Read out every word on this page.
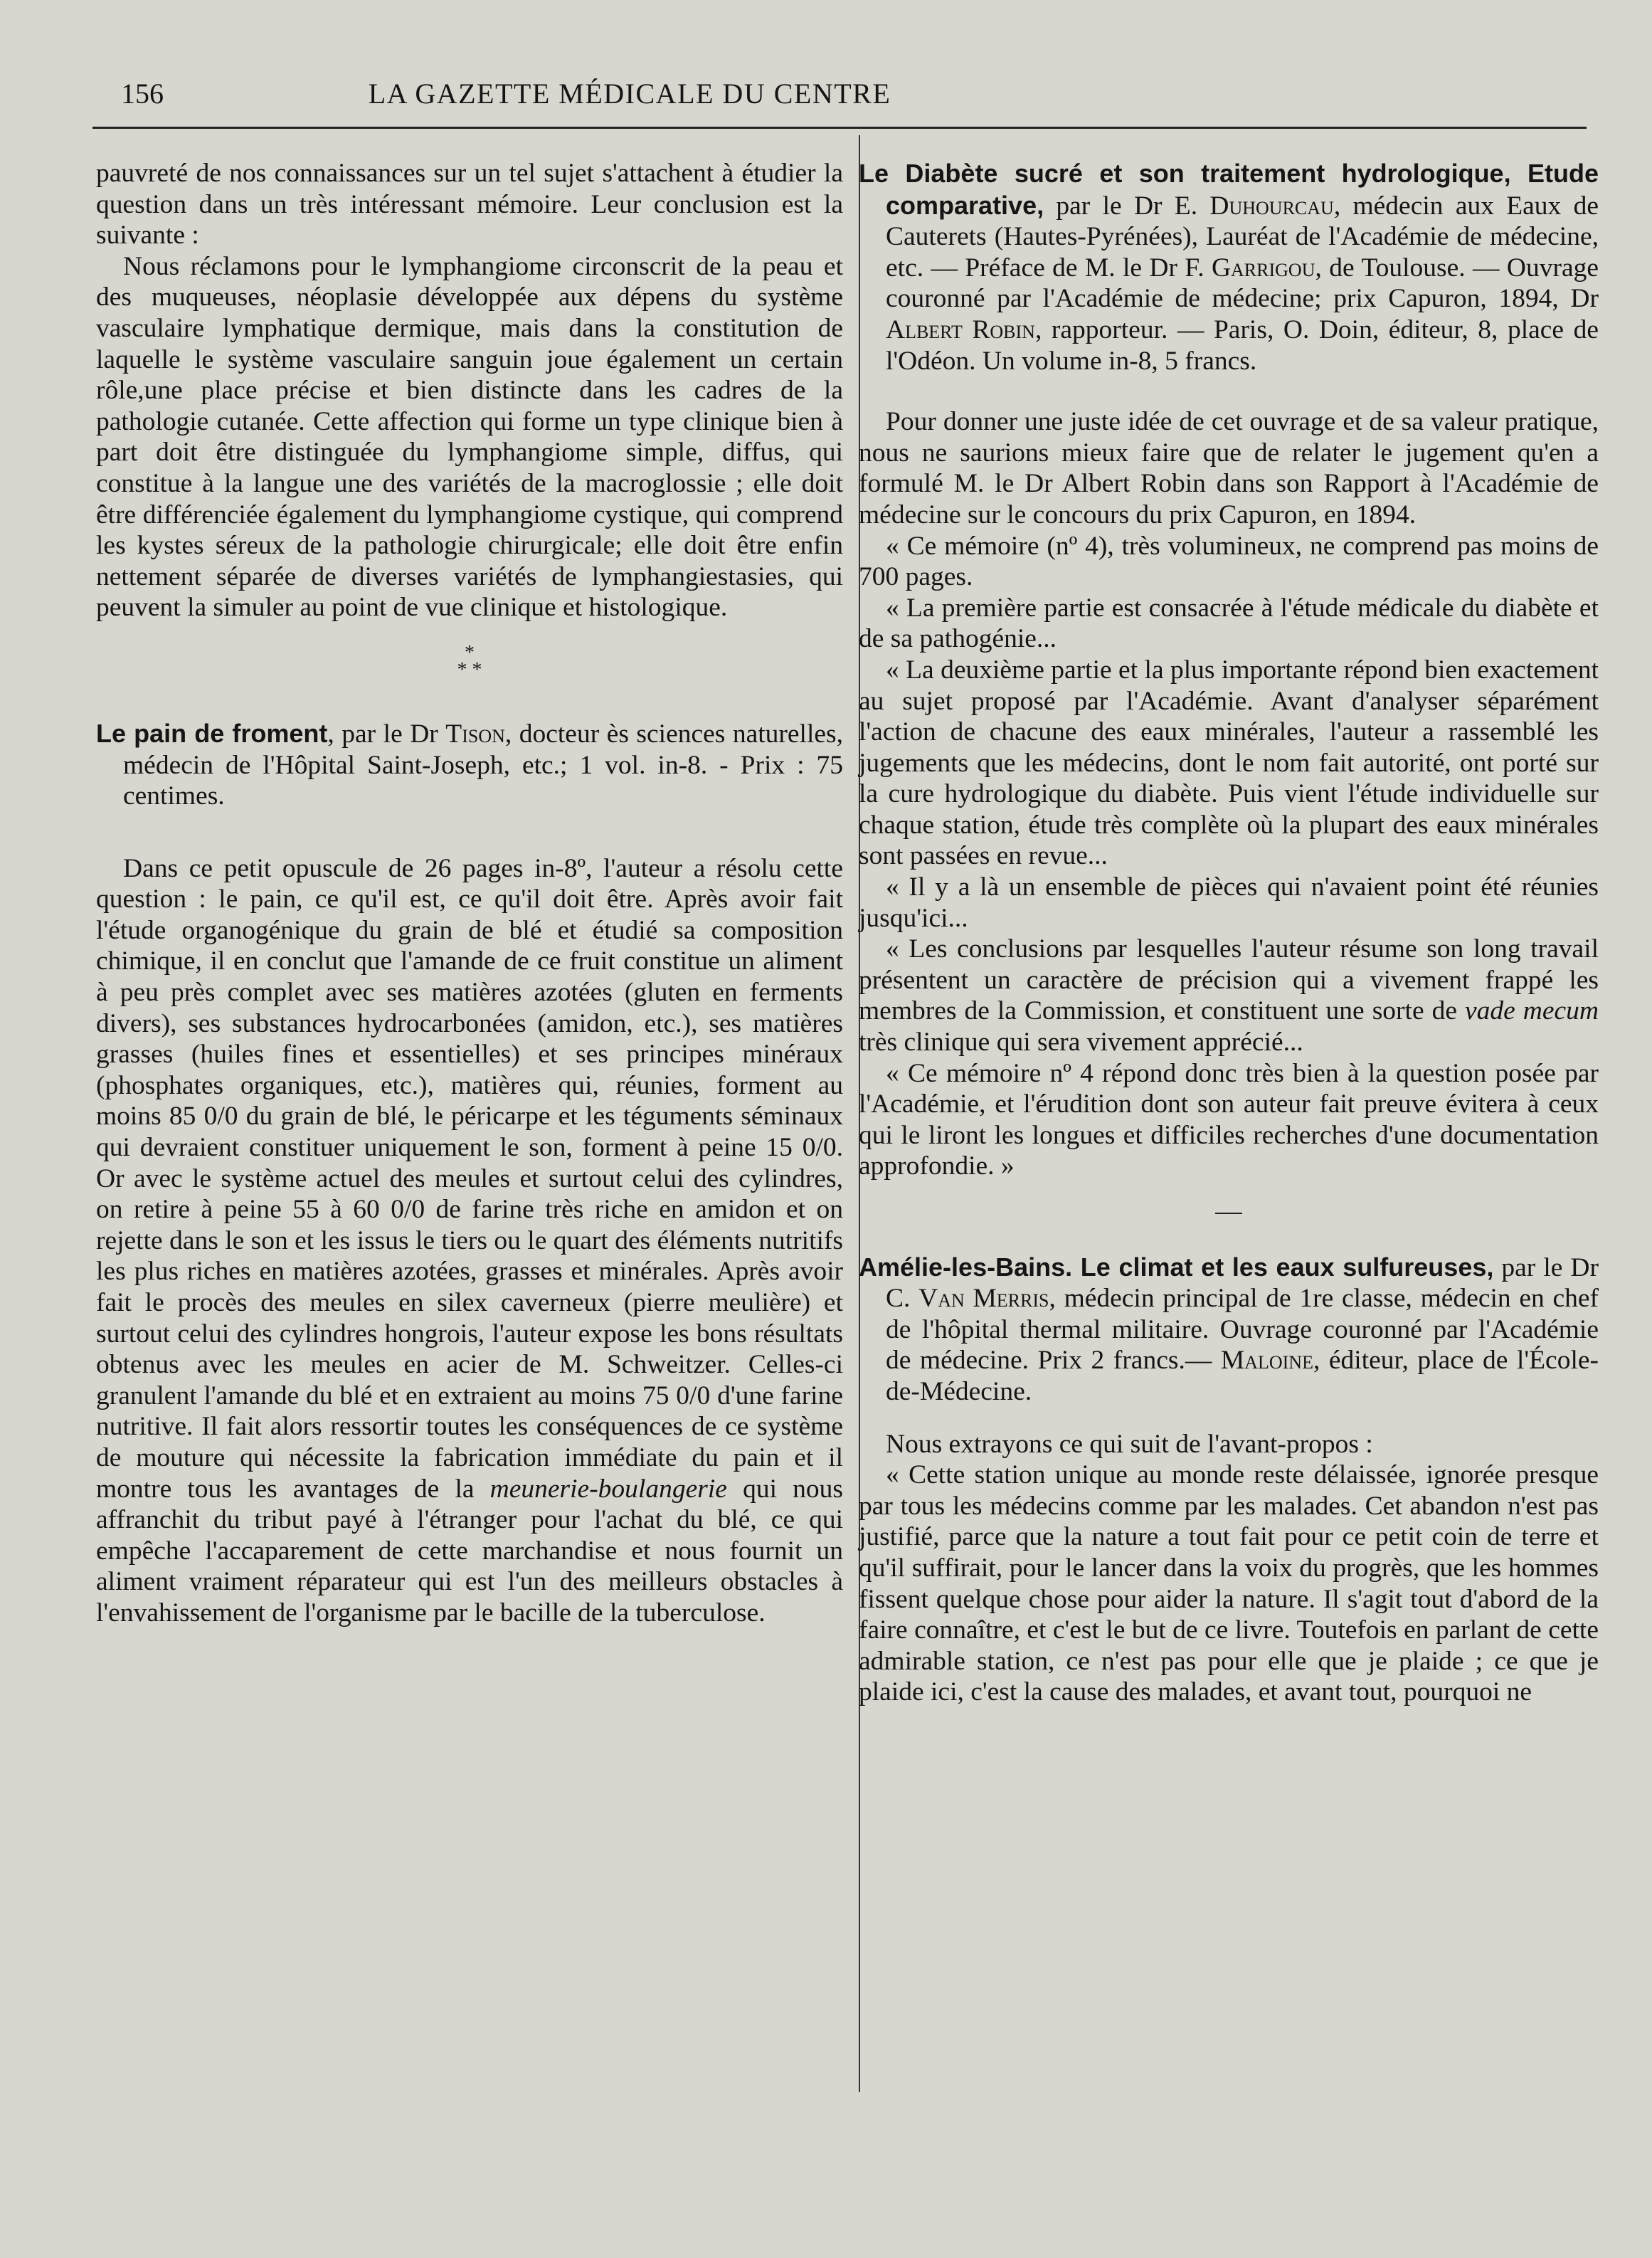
156	LA GAZETTE MÉDICALE DU CENTRE

pauvreté de nos connaissances sur un tel sujet s'attachent à étudier la question dans un très intéressant mémoire. Leur conclusion est la suivante :

Nous réclamons pour le lymphangiome circonscrit de la peau et des muqueuses, néoplasie développée aux dépens du système vasculaire lymphatique dermique, mais dans la constitution de laquelle le système vasculaire sanguin joue également un certain rôle,une place précise et bien distincte dans les cadres de la pathologie cutanée. Cette affection qui forme un type clinique bien à part doit être distinguée du lymphangiome simple, diffus, qui constitue à la langue une des variétés de la macroglossie ; elle doit être différenciée également du lymphangiome cystique, qui comprend les kystes séreux de la pathologie chirurgicale; elle doit être enfin nettement séparée de diverses variétés de lymphangiestasies, qui peuvent la simuler au point de vue clinique et histologique.

*
* *

Le pain de froment, par le Dr Tison, docteur ès sciences naturelles, médecin de l'Hôpital Saint-Joseph, etc.; 1 vol. in-8. - Prix : 75 centimes.

Dans ce petit opuscule de 26 pages in-8º, l'auteur a résolu cette question : le pain, ce qu'il est, ce qu'il doit être. Après avoir fait l'étude organogénique du grain de blé et étudié sa composition chimique, il en conclut que l'amande de ce fruit constitue un aliment à peu près complet avec ses matières azotées (gluten en ferments divers), ses substances hydrocarbonées (amidon, etc.), ses matières grasses (huiles fines et essentielles) et ses principes minéraux (phosphates organiques, etc.), matières qui, réunies, forment au moins 85 0/0 du grain de blé, le péricarpe et les téguments séminaux qui devraient constituer uniquement le son, forment à peine 15 0/0. Or avec le système actuel des meules et surtout celui des cylindres, on retire à peine 55 à 60 0/0 de farine très riche en amidon et on rejette dans le son et les issus le tiers ou le quart des éléments nutritifs les plus riches en matières azotées, grasses et minérales. Après avoir fait le procès des meules en silex caverneux (pierre meulière) et surtout celui des cylindres hongrois, l'auteur expose les bons résultats obtenus avec les meules en acier de M. Schweitzer. Celles-ci granulent l'amande du blé et en extraient au moins 75 0/0 d'une farine nutritive. Il fait alors ressortir toutes les conséquences de ce système de mouture qui nécessite la fabrication immédiate du pain et il montre tous les avantages de la meunerie-boulangerie qui nous affranchit du tribut payé à l'étranger pour l'achat du blé, ce qui empêche l'accaparement de cette marchandise et nous fournit un aliment vraiment réparateur qui est l'un des meilleurs obstacles à l'envahissement de l'organisme par le bacille de la tuberculose.

Le Diabète sucré et son traitement hydrologique, Etude comparative, par le Dr E. Duhourcau, médecin aux Eaux de Cauterets (Hautes-Pyrénées), Lauréat de l'Académie de médecine, etc. — Préface de M. le Dr F. Garrigou, de Toulouse. — Ouvrage couronné par l'Académie de médecine; prix Capuron, 1894, Dr Albert Robin, rapporteur. — Paris, O. Doin, éditeur, 8, place de l'Odéon. Un volume in-8, 5 francs.

Pour donner une juste idée de cet ouvrage et de sa valeur pratique, nous ne saurions mieux faire que de relater le jugement qu'en a formulé M. le Dr Albert Robin dans son Rapport à l'Académie de médecine sur le concours du prix Capuron, en 1894.

« Ce mémoire (nº 4), très volumineux, ne comprend pas moins de 700 pages.

« La première partie est consacrée à l'étude médicale du diabète et de sa pathogénie...

« La deuxième partie et la plus importante répond bien exactement au sujet proposé par l'Académie. Avant d'analyser séparément l'action de chacune des eaux minérales, l'auteur a rassemblé les jugements que les médecins, dont le nom fait autorité, ont porté sur la cure hydrologique du diabète. Puis vient l'étude individuelle sur chaque station, étude très complète où la plupart des eaux minérales sont passées en revue...

« Il y a là un ensemble de pièces qui n'avaient point été réunies jusqu'ici...

« Les conclusions par lesquelles l'auteur résume son long travail présentent un caractère de précision qui a vivement frappé les membres de la Commission, et constituent une sorte de vade mecum très clinique qui sera vivement apprécié...

« Ce mémoire nº 4 répond donc très bien à la question posée par l'Académie, et l'érudition dont son auteur fait preuve évitera à ceux qui le liront les longues et difficiles recherches d'une documentation approfondie. »

Amélie-les-Bains. Le climat et les eaux sulfureuses, par le Dr C. Van Merris, médecin principal de 1re classe, médecin en chef de l'hôpital thermal militaire. Ouvrage couronné par l'Académie de médecine. Prix 2 francs.— Maloine, éditeur, place de l'École-de-Médecine.

Nous extrayons ce qui suit de l'avant-propos :

« Cette station unique au monde reste délaissée, ignorée presque par tous les médecins comme par les malades. Cet abandon n'est pas justifié, parce que la nature a tout fait pour ce petit coin de terre et qu'il suffirait, pour le lancer dans la voix du progrès, que les hommes fissent quelque chose pour aider la nature. Il s'agit tout d'abord de la faire connaître, et c'est le but de ce livre. Toutefois en parlant de cette admirable station, ce n'est pas pour elle que je plaide ; ce que je plaide ici, c'est la cause des malades, et avant tout, pourquoi ne
